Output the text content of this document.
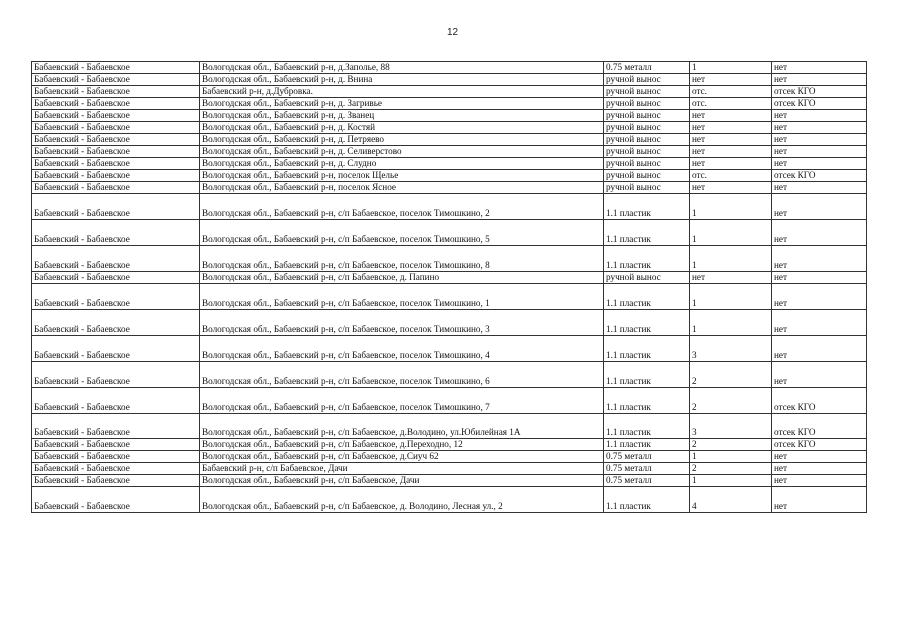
12
Бабаевский - Бабаевское	Вологодская обл., Бабаевский р-н, д.Заполье, 88	0.75 металл	1	нет
Бабаевский - Бабаевское	Вологодская обл., Бабаевский р-н, д. Внина	ручной вынос	нет	нет
Бабаевский - Бабаевское	Бабаевский р-н, д.Дубровка.	ручной вынос	отс.	отсек КГО
Бабаевский - Бабаевское	Вологодская обл., Бабаевский р-н, д. Загривье	ручной вынос	отс.	отсек КГО
Бабаевский - Бабаевское	Вологодская обл., Бабаевский р-н, д. Званец	ручной вынос	нет	нет
Бабаевский - Бабаевское	Вологодская обл., Бабаевский р-н, д. Костяй	ручной вынос	нет	нет
Бабаевский - Бабаевское	Вологодская обл., Бабаевский р-н, д. Петряево	ручной вынос	нет	нет
Бабаевский - Бабаевское	Вологодская обл., Бабаевский р-н, д. Селиверстово	ручной вынос	нет	нет
Бабаевский - Бабаевское	Вологодская обл., Бабаевский р-н, д. Слудно	ручной вынос	нет	нет
Бабаевский - Бабаевское	Вологодская обл., Бабаевский р-н, поселок Щелье	ручной вынос	отс.	отсек КГО
Бабаевский - Бабаевское	Вологодская обл., Бабаевский р-н, поселок Ясное	ручной вынос	нет	нет
Бабаевский - Бабаевское	Вологодская обл., Бабаевский р-н, с/п Бабаевское, поселок Тимошкино, 2	1.1 пластик	1	нет
Бабаевский - Бабаевское	Вологодская обл., Бабаевский р-н, с/п Бабаевское, поселок Тимошкино, 5	1.1 пластик	1	нет
Бабаевский - Бабаевское	Вологодская обл., Бабаевский р-н, с/п Бабаевское, поселок Тимошкино, 8	1.1 пластик	1	нет
Бабаевский - Бабаевское	Вологодская обл., Бабаевский р-н, с/п Бабаевское, д. Папино	ручной вынос	нет	нет
Бабаевский - Бабаевское	Вологодская обл., Бабаевский р-н, с/п Бабаевское, поселок Тимошкино, 1	1.1 пластик	1	нет
Бабаевский - Бабаевское	Вологодская обл., Бабаевский р-н, с/п Бабаевское, поселок Тимошкино, 3	1.1 пластик	1	нет
Бабаевский - Бабаевское	Вологодская обл., Бабаевский р-н, с/п Бабаевское, поселок Тимошкино, 4	1.1 пластик	3	нет
Бабаевский - Бабаевское	Вологодская обл., Бабаевский р-н, с/п Бабаевское, поселок Тимошкино, 6	1.1 пластик	2	нет
Бабаевский - Бабаевское	Вологодская обл., Бабаевский р-н, с/п Бабаевское, поселок Тимошкино, 7	1.1 пластик	2	отсек КГО
Бабаевский - Бабаевское	Вологодская обл., Бабаевский р-н, с/п Бабаевское, д.Володино, ул.Юбилейная 1А	1.1 пластик	3	отсек КГО
Бабаевский - Бабаевское	Вологодская обл., Бабаевский р-н, с/п Бабаевское, д.Переходно, 12	1.1 пластик	2	отсек КГО
Бабаевский - Бабаевское	Вологодская обл., Бабаевский р-н, с/п Бабаевское, д.Сиуч 62	0.75 металл	1	нет
Бабаевский - Бабаевское	Бабаевский р-н, с/п Бабаевское, Дачи	0.75 металл	2	нет
Бабаевский - Бабаевское	Вологодская обл., Бабаевский р-н, с/п Бабаевское, Дачи	0.75 металл	1	нет
Бабаевский - Бабаевское	Вологодская обл., Бабаевский р-н, с/п Бабаевское, д. Володино, Лесная ул., 2	1.1 пластик	4	нет
